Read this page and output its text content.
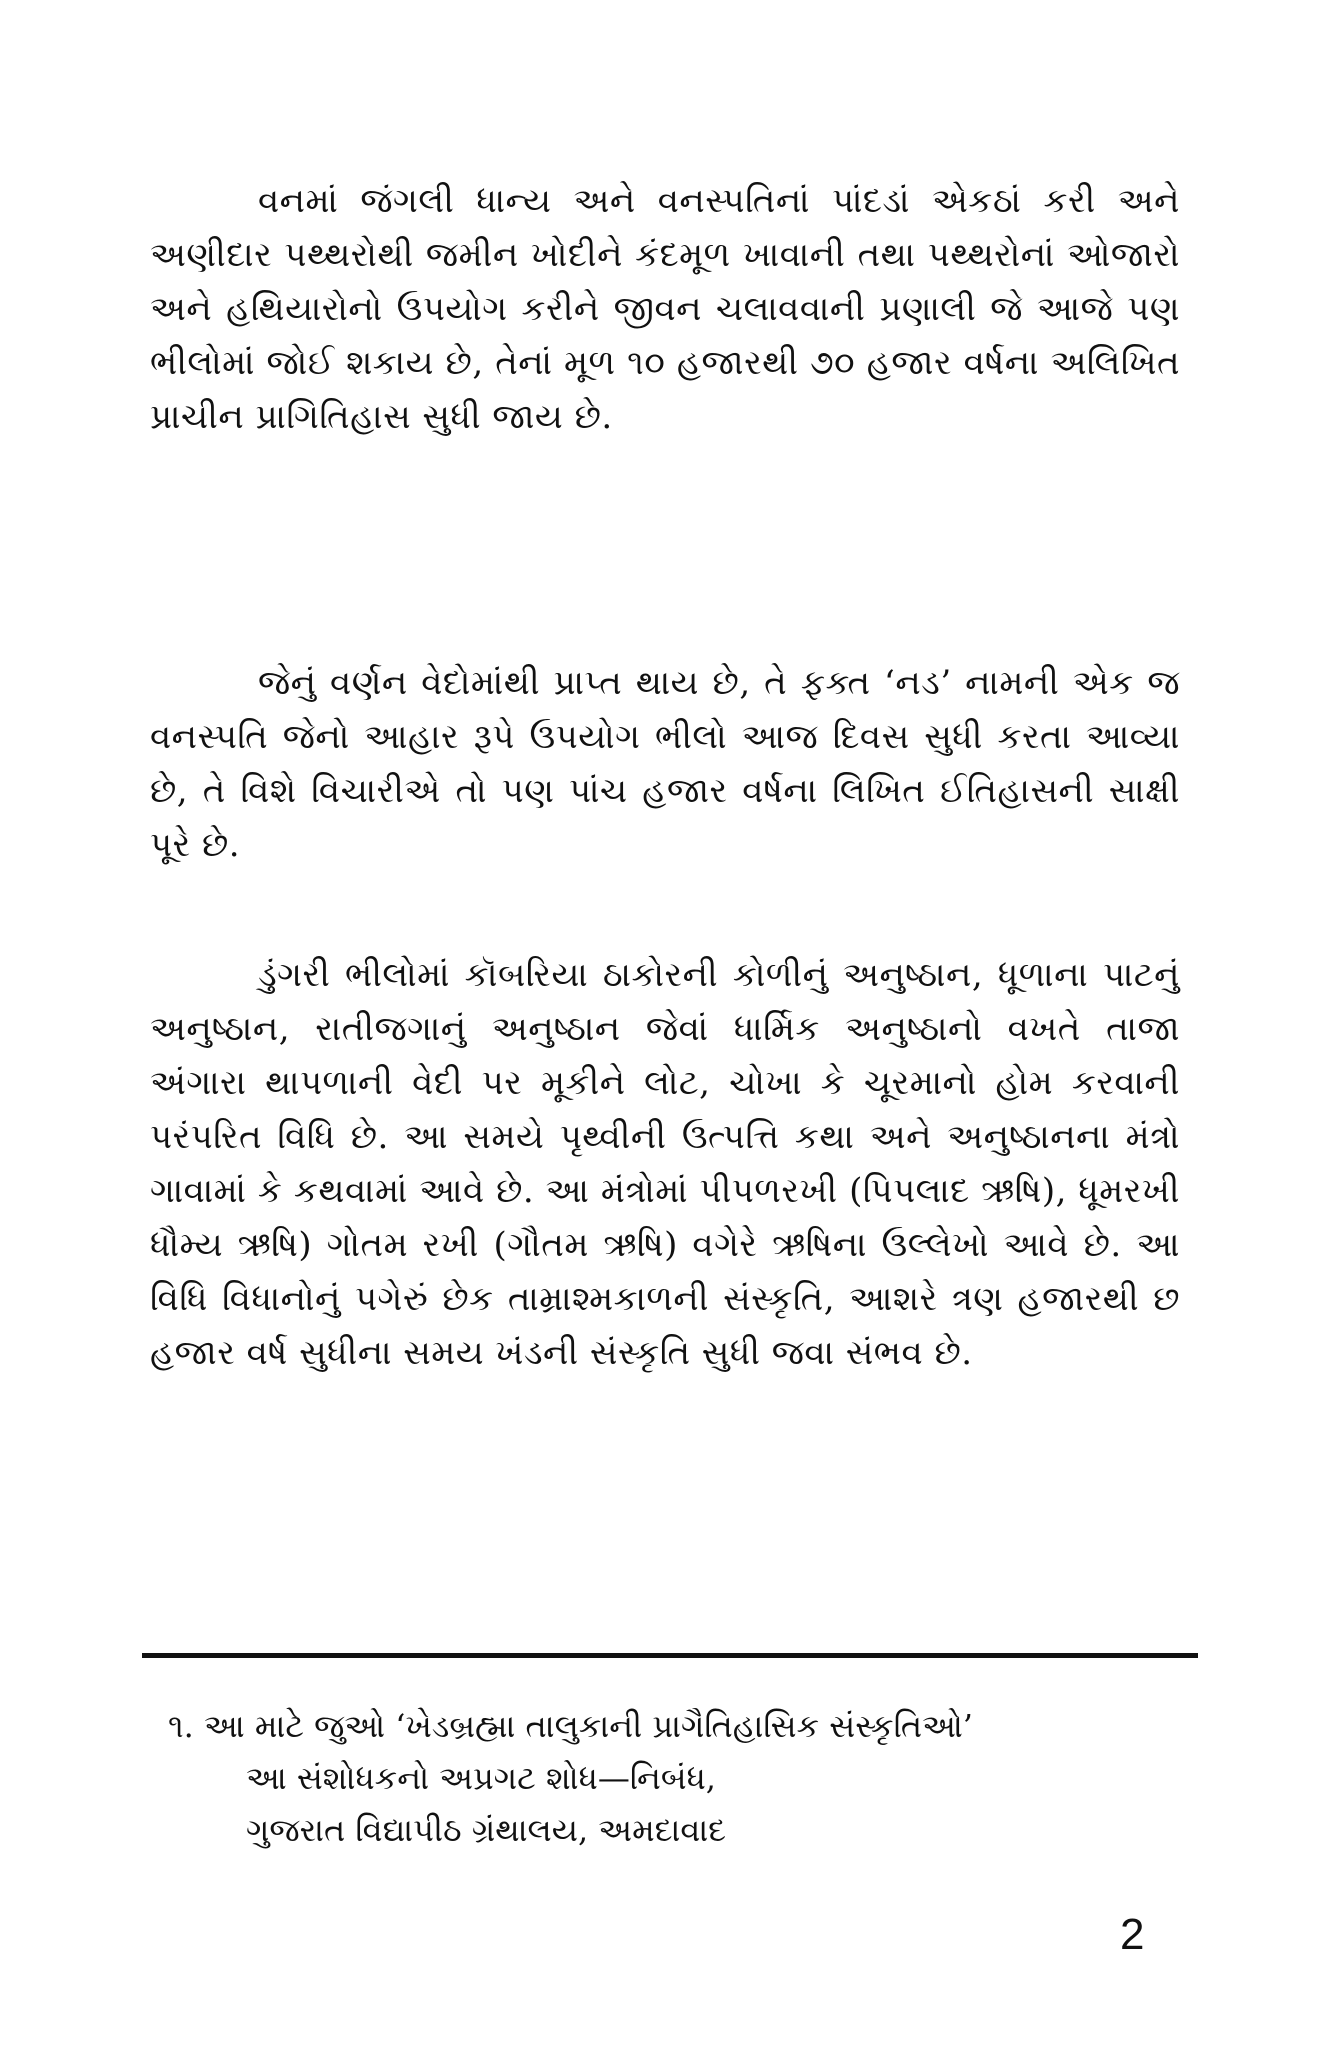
વનમાં જંગલી ધાન્ય અને વનસ્પતિનાં પાંદડાં એકઠાં કરી અને અણીદાર પથ્થરોથી જમીન ખોદીને કંદમૂળ ખાવાની તથા પથ્થરોનાં ઓજારો અને હથિયારોનો ઉપયોગ કરીને જીવન ચલાવવાની પ્રણાલી જે આજે પણ ભીલોમાં જોઈ શકાય છે, તેનાં મૂળ ૧૦ હજારથી ૭૦ હજાર વર્ષના અલિખિત પ્રાચીન પ્રાગિતિહાસ સુધી જાય છે.

જેનું વર્ણન વેદોમાંથી પ્રાપ્ત થાય છે, તે ફક્ત ‘નડ’ નામની એક જ વનસ્પતિ જેનો આહાર રૂપે ઉપયોગ ભીલો આજ દિવસ સુધી કરતા આવ્યા છે, તે વિશે વિચારીએ તો પણ પાંચ હજાર વર્ષના લિખિત ઈતિહાસની સાક્ષી પૂરે છે.

ડુંગરી ભીલોમાં કૉબરિયા ઠાકોરની કોળીનું અનુષ્ઠાન, ધૂળાના પાટનું અનુષ્ઠાન, રાતીજગાનું અનુષ્ઠાન જેવાં ધાર્મિક અનુષ્ઠાનો વખતે તાજા અંગારા થાપળાની વેદી પર મૂકીને લોટ, ચોખા કે ચૂરમાનો હોમ કરવાની પરંપરિત વિધિ છે. આ સમયે પૃથ્વીની ઉત્પત્તિ કથા અને અનુષ્ઠાનના મંત્રો ગાવામાં કે કથવામાં આવે છે. આ મંત્રોમાં પીપળરખી (પિપલાદ ઋષિ), ધૂમરખી ધૌમ્ય ઋષિ) ગોતમ રખી (ગૌતમ ઋષિ) વગેરે ઋષિના ઉલ્લેખો આવે છે. આ વિધિ વિધાનોનું પગેરું છેક તામ્રાશ્મકાળની સંસ્કૃતિ, આશરે ત્રણ હજારથી છ હજાર વર્ષ સુધીના સમય ખંડની સંસ્કૃતિ સુધી જવા સંભવ છે.

૧. આ માટે જુઓ ‘ખેડબ્રહ્મા તાલુકાની પ્રાગૈતિહાસિક સંસ્કૃતિઓ’
આ સંશોધકનો અપ્રગટ શોધ—નિબંધ,
ગુજરાત વિદ્યાપીઠ ગ્રંથાલય, અમદાવાદ
2
